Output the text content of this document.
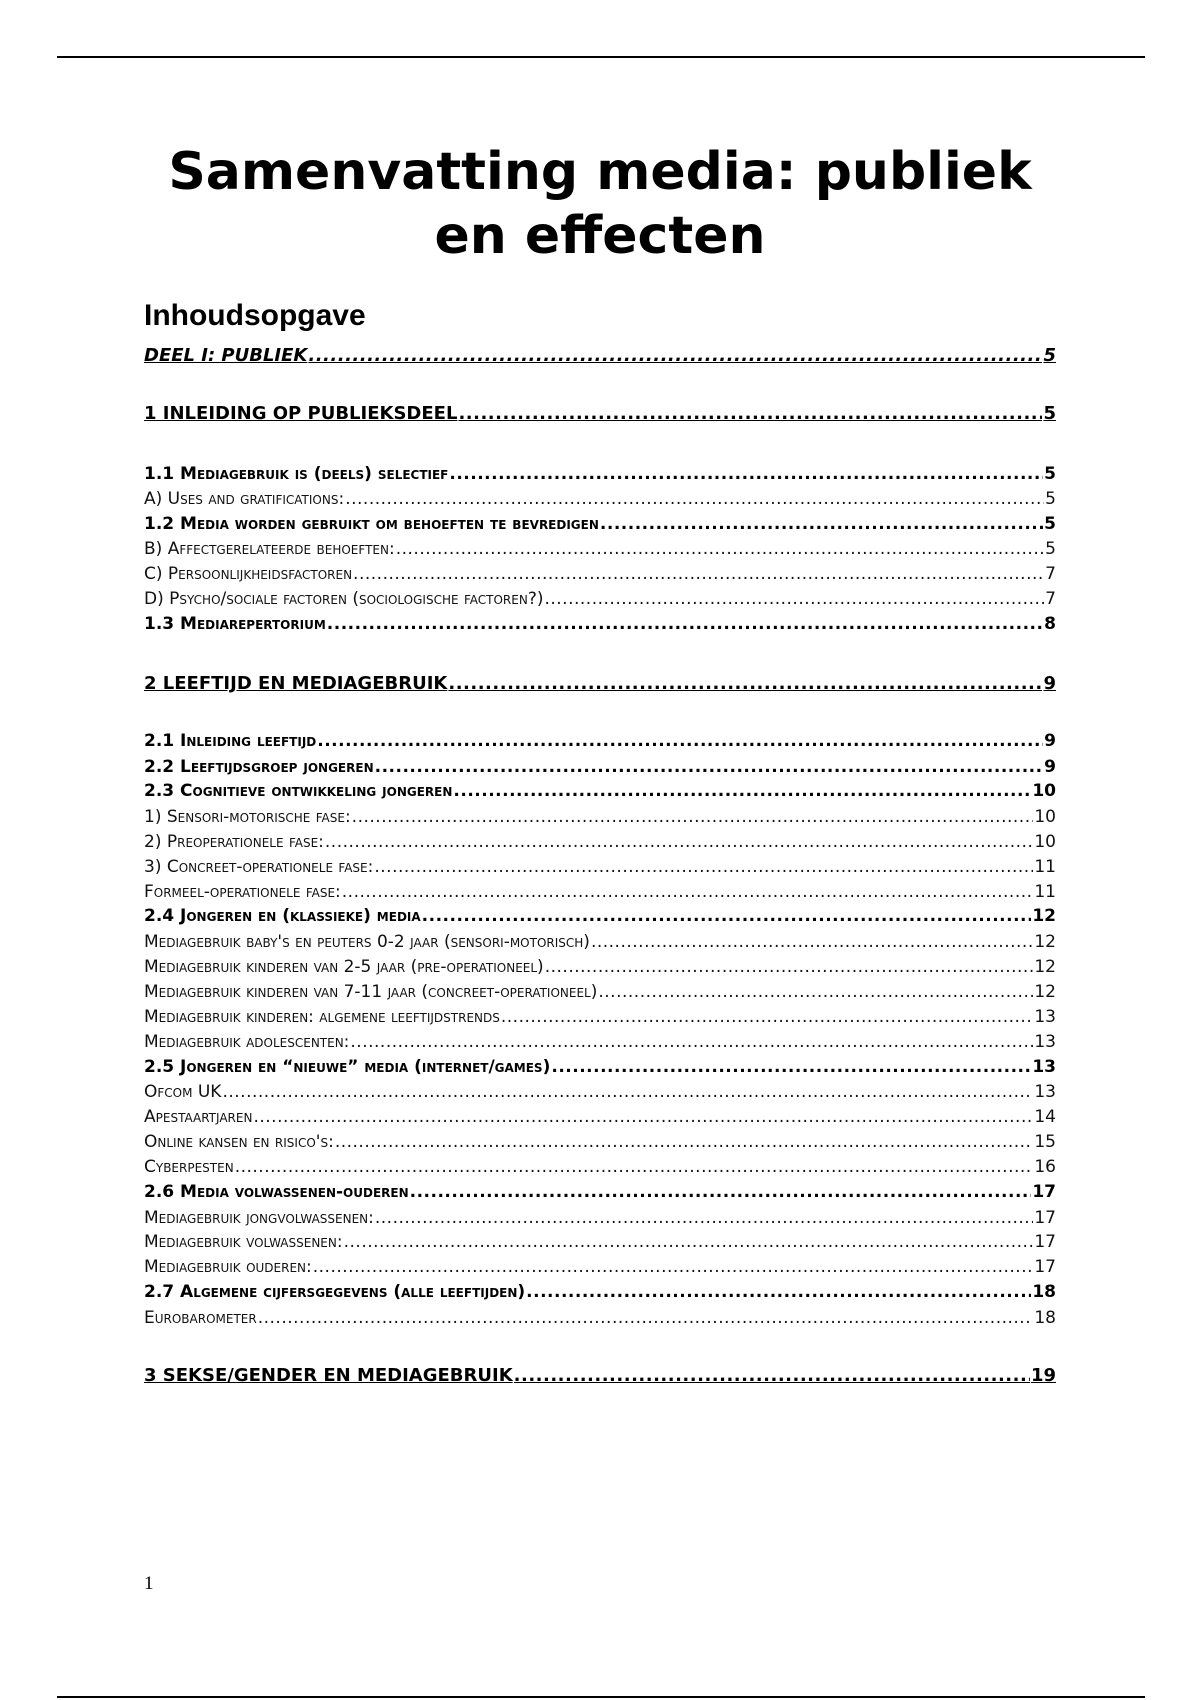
Samenvatting media: publiek en effecten
Inhoudsopgave
DEEL I: PUBLIEK .....	5
1 INLEIDING OP PUBLIEKSDEEL .....	5
1.1 Mediagebruik is (deels) selectief .....	5
A) Uses and gratifications: .....	5
1.2 Media worden gebruikt om behoeften te bevredigen .....	5
B) Affectgerelateerde behoeften: .....	5
C) Persoonlijkheidsfactoren .....	7
D) Psycho/sociale factoren (sociologische factoren?) .....	7
1.3 Mediarepertorium .....	8
2 LEEFTIJD EN MEDIAGEBRUIK .....	9
2.1 Inleiding leeftijd .....	9
2.2 Leeftijdsgroep jongeren .....	9
2.3 Cognitieve ontwikkeling jongeren .....	10
1) Sensori-motorische fase: .....	10
2) Preoperationele fase: .....	10
3) Concreet-operationele fase: .....	11
Formeel-operationele fase: .....	11
2.4 Jongeren en (klassieke) media .....	12
Mediagebruik baby's en peuters 0-2 jaar (sensori-motorisch) .....	12
Mediagebruik kinderen van 2-5 jaar (pre-operationeel) .....	12
Mediagebruik kinderen van 7-11 jaar (concreet-operationeel) .....	12
Mediagebruik kinderen: algemene leeftijdstrends .....	13
Mediagebruik adolescenten: .....	13
2.5 Jongeren en “nieuwe” media (internet/games) .....	13
Ofcom UK .....	13
Apestaartjaren .....	14
Online kansen en risico's: .....	15
Cyberpesten .....	16
2.6 Media volwassenen-ouderen .....	17
Mediagebruik jongvolwassenen: .....	17
Mediagebruik volwassenen: .....	17
Mediagebruik ouderen: .....	17
2.7 Algemene cijfersgegevens (alle leeftijden) .....	18
Eurobarometer .....	18
3 SEKSE/GENDER EN MEDIAGEBRUIK .....	19
1
